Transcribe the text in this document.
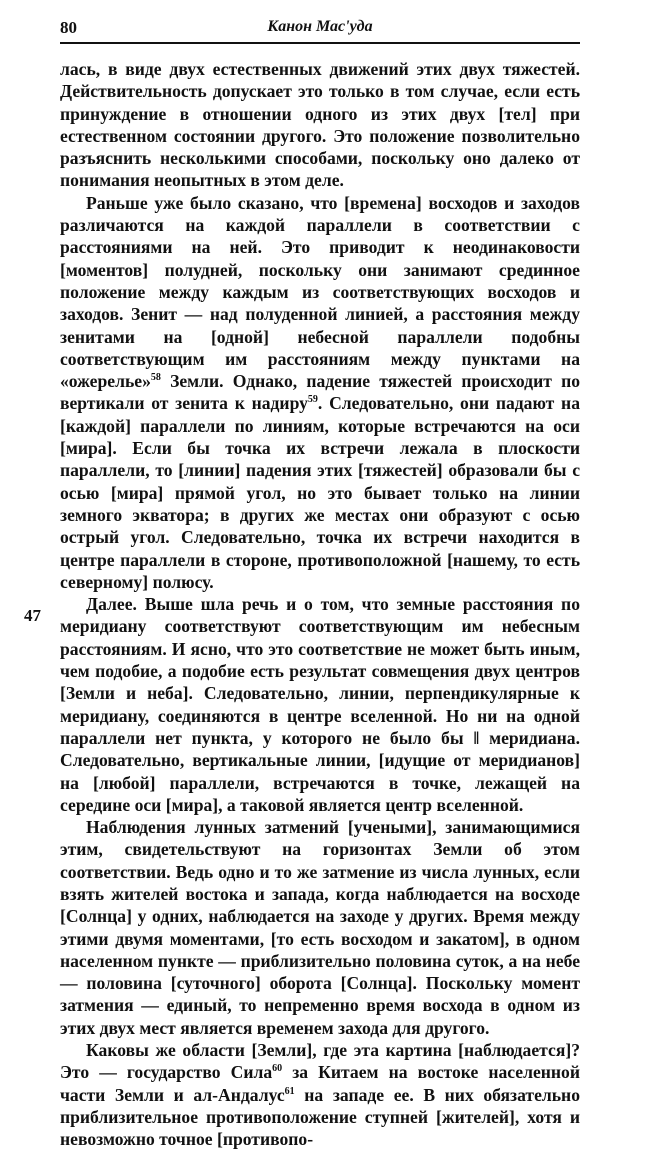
80	Канон Мас'уда
47

лась, в виде двух естественных движений этих двух тяжестей. Действительность допускает это только в том случае, если есть принуждение в отношении одного из этих двух [тел] при естественном состоянии другого. Это положение позволительно разъяснить несколькими способами, поскольку оно далеко от понимания неопытных в этом деле.

Раньше уже было сказано, что [времена] восходов и заходов различаются на каждой параллели в соответствии с расстояниями на ней. Это приводит к неодинаковости [моментов] полудней, поскольку они занимают срединное положение между каждым из соответствующих восходов и заходов. Зенит — над полуденной линией, а расстояния между зенитами на [одной] небесной параллели подобны соответствующим им расстояниям между пунктами на «ожерелье»$^{58}$ Земли. Однако, падение тяжестей происходит по вертикали от зенита к надиру$^{59}$. Следовательно, они падают на [каждой] параллели по линиям, которые встречаются на оси [мира]. Если бы точка их встречи лежала в плоскости параллели, то [линии] падения этих [тяжестей] образовали бы с осью [мира] прямой угол, но это бывает только на линии земного экватора; в других же местах они образуют с осью острый угол. Следовательно, точка их встречи находится в центре параллели в стороне, противоположной [нашему, то есть северному] полюсу.

Далее. Выше шла речь и о том, что земные расстояния по меридиану соответствуют соответствующим им небесным расстояниям. И ясно, что это соответствие не может быть иным, чем подобие, а подобие есть результат совмещения двух центров [Земли и неба]. Следовательно, линии, перпендикулярные к меридиану, соединяются в центре вселенной. Но ни на одной параллели нет пункта, у которого не было бы ‖ меридиана. Следовательно, вертикальные линии, [идущие от меридианов] на [любой] параллели, встречаются в точке, лежащей на середине оси [мира], а таковой является центр вселенной.

Наблюдения лунных затмений [учеными], занимающимися этим, свидетельствуют на горизонтах Земли об этом соответствии. Ведь одно и то же затмение из числа лунных, если взять жителей востока и запада, когда наблюдается на восходе [Солнца] у одних, наблюдается на заходе у других. Время между этими двумя моментами, [то есть восходом и закатом], в одном населенном пункте — приблизительно половина суток, а на небе — половина [суточного] оборота [Солнца]. Поскольку момент затмения — единый, то непременно время восхода в одном из этих двух мест является временем захода для другого.

Каковы же области [Земли], где эта картина [наблюдается]? Это — государство Сила$^{60}$ за Китаем на востоке населенной части Земли и ал-Андалус$^{61}$ на западе ее. В них обязательно приблизительное противоположение ступней [жителей], хотя и невозможно точное [противопо-
